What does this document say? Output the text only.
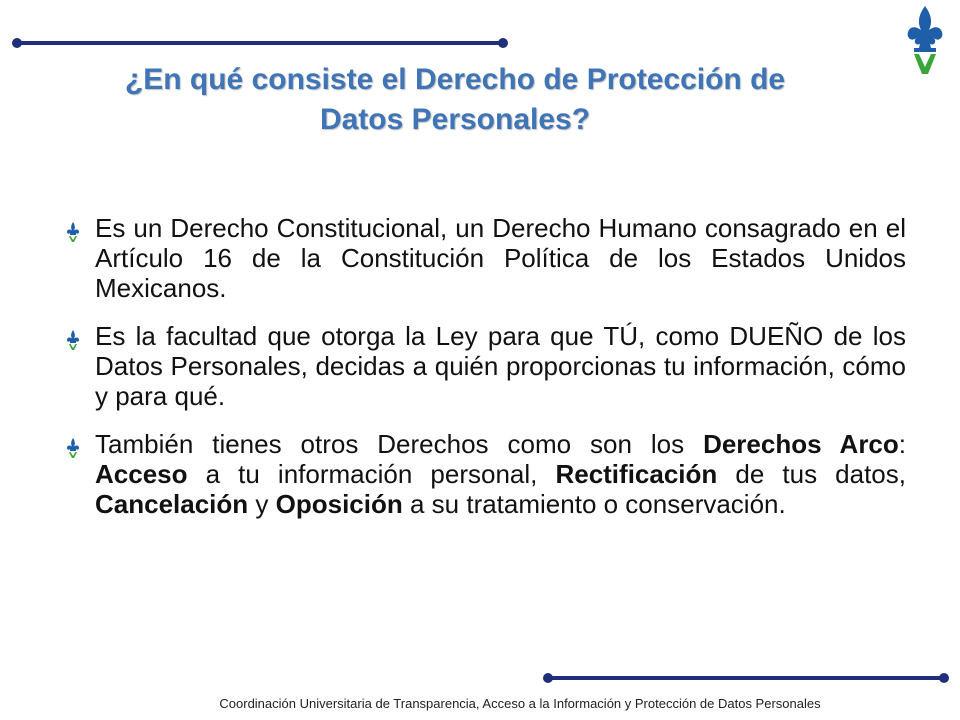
¿En qué consiste el Derecho de Protección de
Datos Personales?
Es un Derecho Constitucional, un Derecho Humano consagrado en el Artículo 16 de la Constitución Política de los Estados Unidos Mexicanos.
Es la facultad que otorga la Ley para que TÚ, como DUEÑO de los Datos Personales, decidas a quién proporcionas tu información, cómo y para qué.
También tienes otros Derechos como son los Derechos Arco: Acceso a tu información personal, Rectificación de tus datos, Cancelación y Oposición a su tratamiento o conservación.
Coordinación Universitaria de Transparencia, Acceso a la Información y Protección de Datos Personales
